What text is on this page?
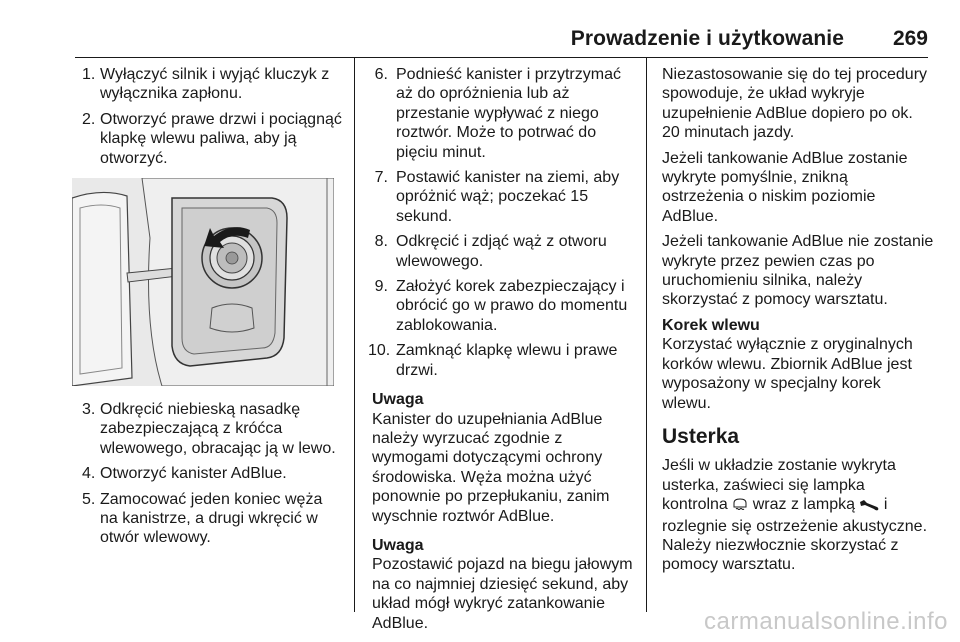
Prowadzenie i użytkowanie 269
1. Wyłączyć silnik i wyjąć kluczyk z wyłącznika zapłonu.
2. Otworzyć prawe drzwi i pociągnąć klapkę wlewu paliwa, aby ją otworzyć.
3. Odkręcić niebieską nasadkę zabezpieczającą z króćca wlewowego, obracając ją w lewo.
4. Otworzyć kanister AdBlue.
5. Zamocować jeden koniec węża na kanistrze, a drugi wkręcić w otwór wlewowy.
6. Podnieść kanister i przytrzymać aż do opróżnienia lub aż przestanie wypływać z niego roztwór. Może to potrwać do pięciu minut.
7. Postawić kanister na ziemi, aby opróżnić wąż; poczekać 15 sekund.
8. Odkręcić i zdjąć wąż z otworu wlewowego.
9. Założyć korek zabezpieczający i obrócić go w prawo do momentu zablokowania.
10. Zamknąć klapkę wlewu i prawe drzwi.
Uwaga
Kanister do uzupełniania AdBlue należy wyrzucać zgodnie z wymogami dotyczącymi ochrony środowiska. Węża można użyć ponownie po przepłukaniu, zanim wyschnie roztwór AdBlue.
Uwaga
Pozostawić pojazd na biegu jałowym na co najmniej dziesięć sekund, aby układ mógł wykryć zatankowanie AdBlue.

Niezastosowanie się do tej procedury spowoduje, że układ wykryje uzupełnienie AdBlue dopiero po ok. 20 minutach jazdy.

Jeżeli tankowanie AdBlue zostanie wykryte pomyślnie, znikną ostrzeżenia o niskim poziomie AdBlue.

Jeżeli tankowanie AdBlue nie zostanie wykryte przez pewien czas po uruchomieniu silnika, należy skorzystać z pomocy warsztatu.

Korek wlewu

Korzystać wyłącznie z oryginalnych korków wlewu. Zbiornik AdBlue jest wyposażony w specjalny korek wlewu.

Usterka

Jeśli w układzie zostanie wykryta usterka, zaświeci się lampka kontrolna wraz z lampką i rozlegnie się ostrzeżenie akustyczne. Należy niezwłocznie skorzystać z pomocy warsztatu.

carmanualsonline.info
